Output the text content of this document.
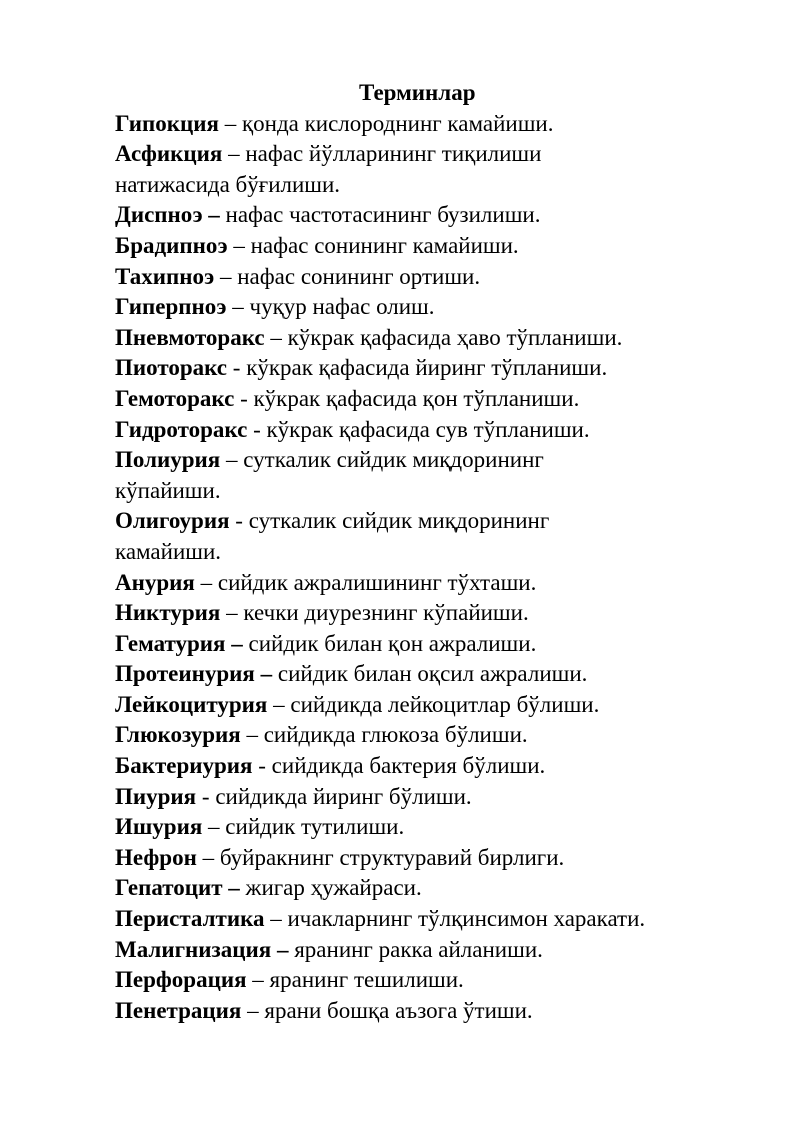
Терминлар
Гипокция – қонда кислороднинг камайиши.
Асфикция – нафас йўлларининг тиқилиши
натижасида бўғилиши.
Диспноэ – нафас частотасининг бузилиши.
Брадипноэ – нафас сонининг камайиши.
Тахипноэ – нафас сонининг ортиши.
Гиперпноэ – чуқур нафас олиш.
Пневмоторакс – кўкрак қафасида ҳаво тўпланиши.
Пиоторакс - кўкрак қафасида йиринг тўпланиши.
Гемоторакс - кўкрак қафасида қон тўпланиши.
Гидроторакс - кўкрак қафасида сув тўпланиши.
Полиурия – суткалик сийдик миқдорининг
кўпайиши.
Олигоурия - суткалик сийдик миқдорининг
камайиши.
Анурия – сийдик ажралишининг тўхташи.
Никтурия – кечки диурезнинг кўпайиши.
Гематурия – сийдик билан қон ажралиши.
Протеинурия – сийдик билан оқсил ажралиши.
Лейкоцитурия – сийдикда лейкоцитлар бўлиши.
Глюкозурия – сийдикда глюкоза бўлиши.
Бактериурия - сийдикда бактерия бўлиши.
Пиурия - сийдикда йиринг бўлиши.
Ишурия – сийдик тутилиши.
Нефрон – буйракнинг структуравий бирлиги.
Гепатоцит – жигар ҳужайраси.
Перисталтика – ичакларнинг тўлқинсимон харакати.
Малигнизация – яранинг ракка айланиши.
Перфорация – яранинг тешилиши.
Пенетрация – ярани бошқа аъзога ўтиши.
